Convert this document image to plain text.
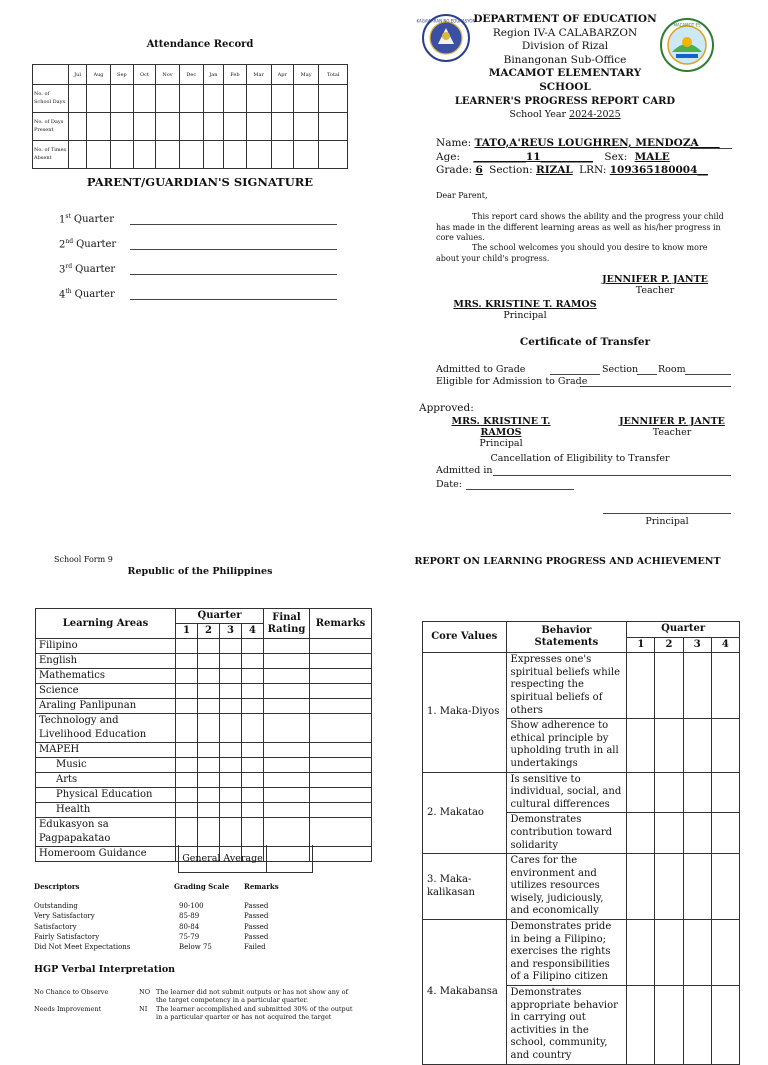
Attendance Record
	Jul	Aug	Sep	Oct	Nov	Dec	Jan	Feb	Mar	Apr	May	Total
No. of School Days												
No. of Days Present												
No. of Times Absent												
PARENT/GUARDIAN'S SIGNATURE
1st Quarter
2nd Quarter
3rd Quarter
4th Quarter
KAGAWARAN NG EDUKASYON
MACAMOT ES
DEPARTMENT OF EDUCATION
Region IV-A CALABARZON
Division of Rizal
Binangonan Sub-Office
MACAMOT ELEMENTARY SCHOOL
LEARNER'S PROGRESS REPORT CARD
School Year 2024-2025
Name: TATO,A'REUS LOUGHREN, MENDOZA____
Age: __________11__________ Sex: MALE
Grade: 6 Section: RIZAL LRN: 109365180004__
Dear Parent,
This report card shows the ability and the progress your child has made in the different learning areas as well as his/her progress in core values.
The school welcomes you should you desire to know more about your child's progress.
JENNIFER P. JANTE
Teacher
MRS. KRISTINE T. RAMOS
Principal
Certificate of Transfer
Admitted to Grade	Section Room
Eligible for Admission to Grade
Approved:
MRS. KRISTINE T. RAMOS
Principal
JENNIFER P. JANTE
Teacher
Cancellation of Eligibility to Transfer
Admitted in
Date:
Principal
School Form 9
Republic of the Philippines
Learning Areas	Quarter				Final Rating	Remarks
	1	2	3	4		
Filipino						
English						
Mathematics						
Science						
Araling Panlipunan						
Technology and Livelihood Education						
MAPEH						
Music						
Arts						
Physical Education						
Health						
Edukasyon sa Pagpapakatao						
Homeroom Guidance							General Average
Descriptors	Grading Scale Remarks
Outstanding	90-100	Passed
Very Satisfactory	85-89	Passed
Satisfactory	80-84	Passed
Fairly Satisfactory	75-79	Passed
Did Not Meet Expectations	Below 75	Failed
HGP Verbal Interpretation
No Chance to Observe	NO The learner did not submit outputs or has not show any of the target competency in a particular quarter.
Needs Improvement	NI The learner accomplished and submitted 30% of the output in a particular quarter or has not acquired the target
REPORT ON LEARNING PROGRESS AND ACHIEVEMENT
Core Values	Behavior Statements	Quarter			
		1	2	3	4
1. Maka-Diyos	Expresses one's spiritual beliefs while respecting the spiritual beliefs of others				
	Show adherence to ethical principle by upholding truth in all undertakings				
2. Makatao	Is sensitive to individual, social, and cultural differences				
	Demonstrates contribution toward solidarity				
3. Maka-kalikasan	Cares for the environment and utilizes resources wisely, judiciously, and economically				
4. Makabansa	Demonstrates pride in being a Filipino; exercises the rights and responsibilities of a Filipino citizen				
	Demonstrates appropriate behavior in carrying out activities in the school, community, and country				
